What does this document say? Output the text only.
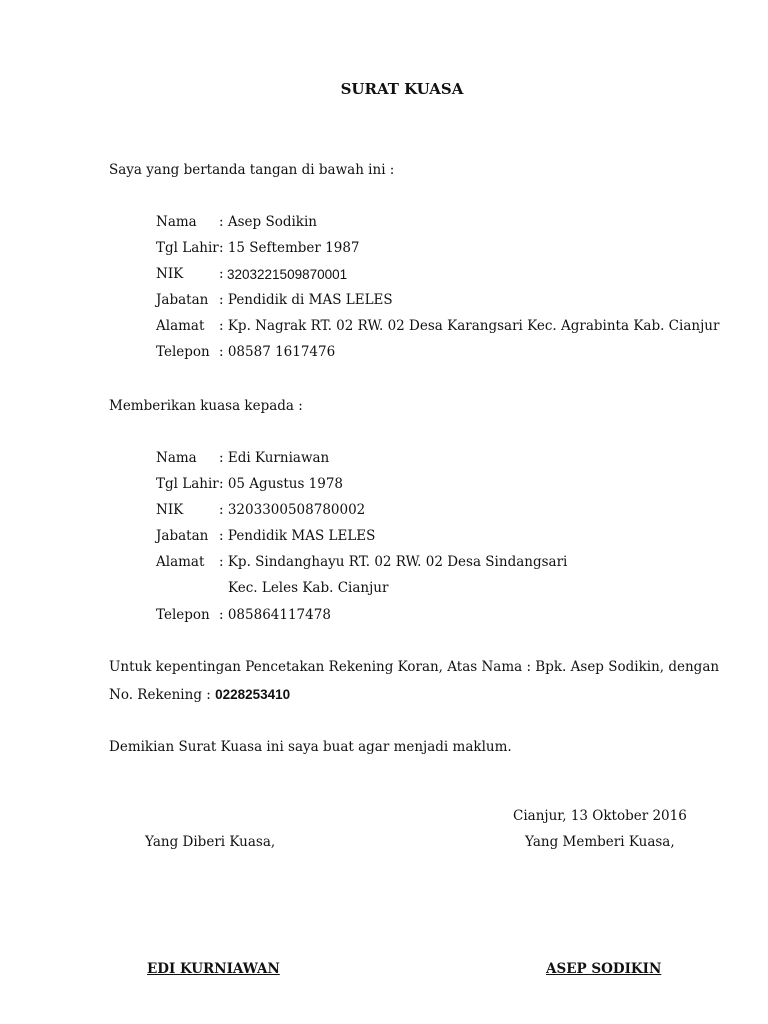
SURAT KUASA
Saya yang bertanda tangan di bawah ini :
Nama : Asep Sodikin
Tgl Lahir : 15 Seftember 1987
NIK	: 3203221509870001
Jabatan : Pendidik di MAS LELES
Alamat : Kp. Nagrak RT. 02 RW. 02 Desa Karangsari Kec. Agrabinta Kab. Cianjur
Telepon : 08587 1617476
Memberikan kuasa kepada :
Nama : Edi Kurniawan
Tgl Lahir : 05 Agustus 1978
NIK	: 3203300508780002
Jabatan : Pendidik MAS LELES
Alamat : Kp. Sindanghayu RT. 02 RW. 02 Desa Sindangsari
Kec. Leles Kab. Cianjur
Telepon : 085864117478
Untuk kepentingan Pencetakan Rekening Koran, Atas Nama : Bpk. Asep Sodikin, dengan
No. Rekening : 0228253410
Demikian Surat Kuasa ini saya buat agar menjadi maklum.
Cianjur, 13 Oktober 2016
Yang Diberi Kuasa,	Yang Memberi Kuasa,
EDI KURNIAWAN	ASEP SODIKIN
